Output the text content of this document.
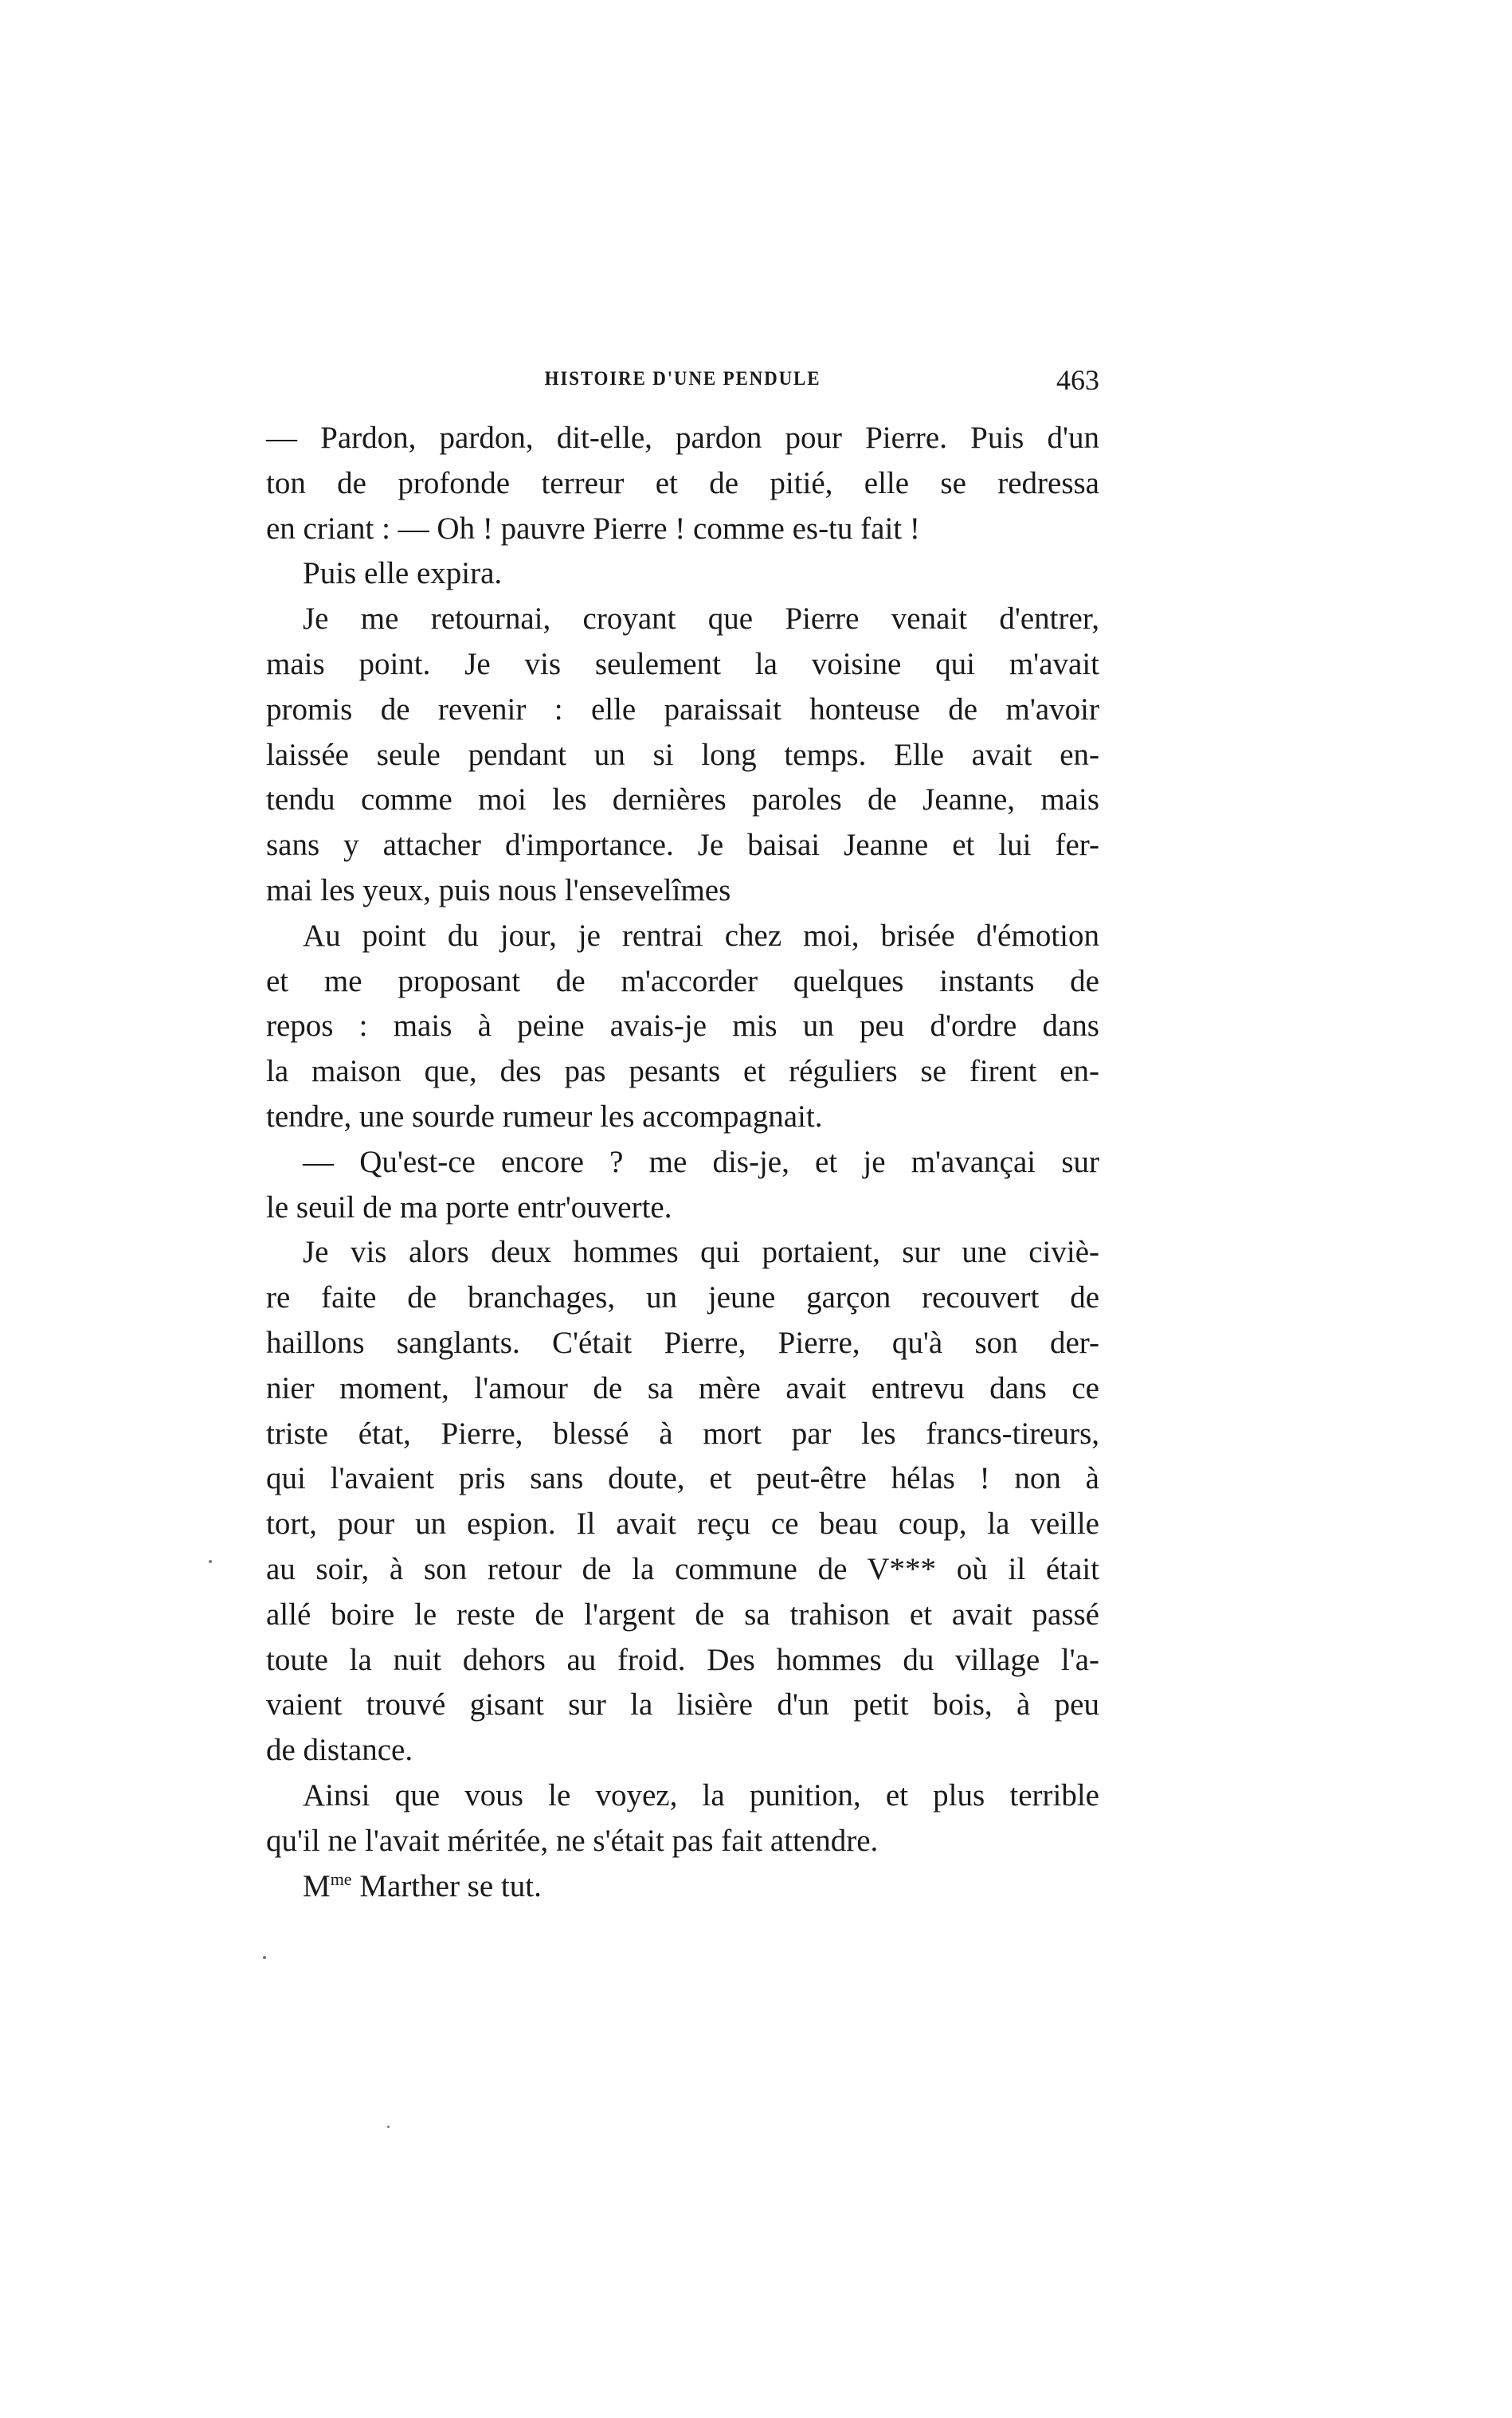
HISTOIRE D'UNE PENDULE	463
— Pardon, pardon, dit-elle, pardon pour Pierre. Puis d'un
ton de profonde terreur et de pitié, elle se redressa
en criant : — Oh ! pauvre Pierre ! comme es-tu fait !
Puis elle expira.
Je me retournai, croyant que Pierre venait d'entrer,
mais point. Je vis seulement la voisine qui m'avait
promis de revenir : elle paraissait honteuse de m'avoir
laissée seule pendant un si long temps. Elle avait en-
tendu comme moi les dernières paroles de Jeanne, mais
sans y attacher d'importance. Je baisai Jeanne et lui fer-
mai les yeux, puis nous l'ensevelîmes
Au point du jour, je rentrai chez moi, brisée d'émotion
et me proposant de m'accorder quelques instants de
repos : mais à peine avais-je mis un peu d'ordre dans
la maison que, des pas pesants et réguliers se firent en-
tendre, une sourde rumeur les accompagnait.
— Qu'est-ce encore ? me dis-je, et je m'avançai sur
le seuil de ma porte entr'ouverte.
Je vis alors deux hommes qui portaient, sur une civiè-
re faite de branchages, un jeune garçon recouvert de
haillons sanglants. C'était Pierre, Pierre, qu'à son der-
nier moment, l'amour de sa mère avait entrevu dans ce
triste état, Pierre, blessé à mort par les francs-tireurs,
qui l'avaient pris sans doute, et peut-être hélas ! non à
tort, pour un espion. Il avait reçu ce beau coup, la veille
au soir, à son retour de la commune de V*** où il était
allé boire le reste de l'argent de sa trahison et avait passé
toute la nuit dehors au froid. Des hommes du village l'a-
vaient trouvé gisant sur la lisière d'un petit bois, à peu
de distance.
Ainsi que vous le voyez, la punition, et plus terrible
qu'il ne l'avait méritée, ne s'était pas fait attendre.
$M^{me}$ Marther se tut.
